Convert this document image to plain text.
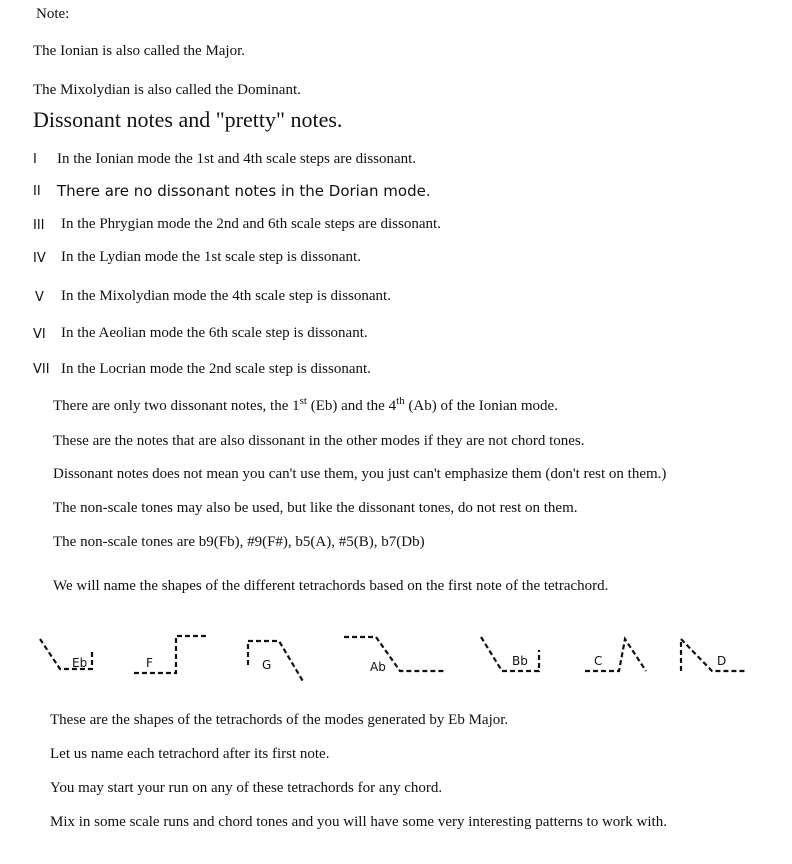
Note:
The Ionian is also called the Major.
The Mixolydian is also called the Dominant.
Dissonant notes and "pretty" notes.
I In the Ionian mode the 1st and 4th scale steps are dissonant.
II There are no dissonant notes in the Dorian mode.
III In the Phrygian mode the 2nd and 6th scale steps are dissonant.
IV In the Lydian mode the 1st scale step is dissonant.
V In the Mixolydian mode the 4th scale step is dissonant.
VI In the Aeolian mode the 6th scale step is dissonant.
VII In the Locrian mode the 2nd scale step is dissonant.
There are only two dissonant notes, the 1st (Eb) and the 4th (Ab) of the Ionian mode.
These are the notes that are also dissonant in the other modes if they are not chord tones.
Dissonant notes does not mean you can't use them, you just can't emphasize them (don't rest on them.)
The non-scale tones may also be used, but like the dissonant tones, do not rest on them.
The non-scale tones are b9(Fb), #9(F#), b5(A), #5(B), b7(Db)
We will name the shapes of the different tetrachords based on the first note of the tetrachord.
Eb	F	G	Ab	Bb	C	D
These are the shapes of the tetrachords of the modes generated by Eb Major.
Let us name each tetrachord after its first note.
You may start your run on any of these tetrachords for any chord.
Mix in some scale runs and chord tones and you will have some very interesting patterns to work with.
